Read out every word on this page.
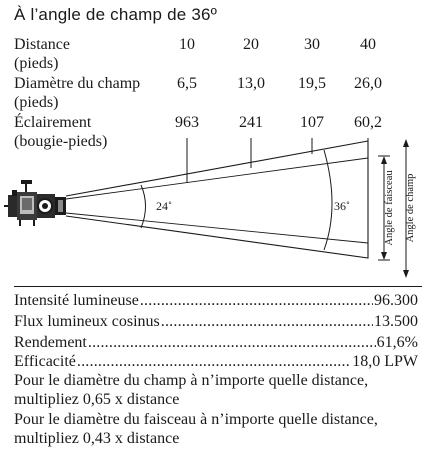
À l’angle de champ de 36º
Distance
(pieds)
10	20	30	40
Diamètre du champ
(pieds)
6,5	13,0	19,5	26,0
Éclairement
(bougie-pieds)
963	241	107	60,2
24˚	36˚	Angle de faisceau Angle de champ
Intensité lumineuse .....	96.300
Flux lumineux cosinus .....	13.500
Rendement .....	61,6%
Efficacité .....	18,0 LPW
Pour le diamètre du champ à n’importe quelle distance,
multipliez 0,65 x distance
Pour le diamètre du faisceau à n’importe quelle distance,
multipliez 0,43 x distance
